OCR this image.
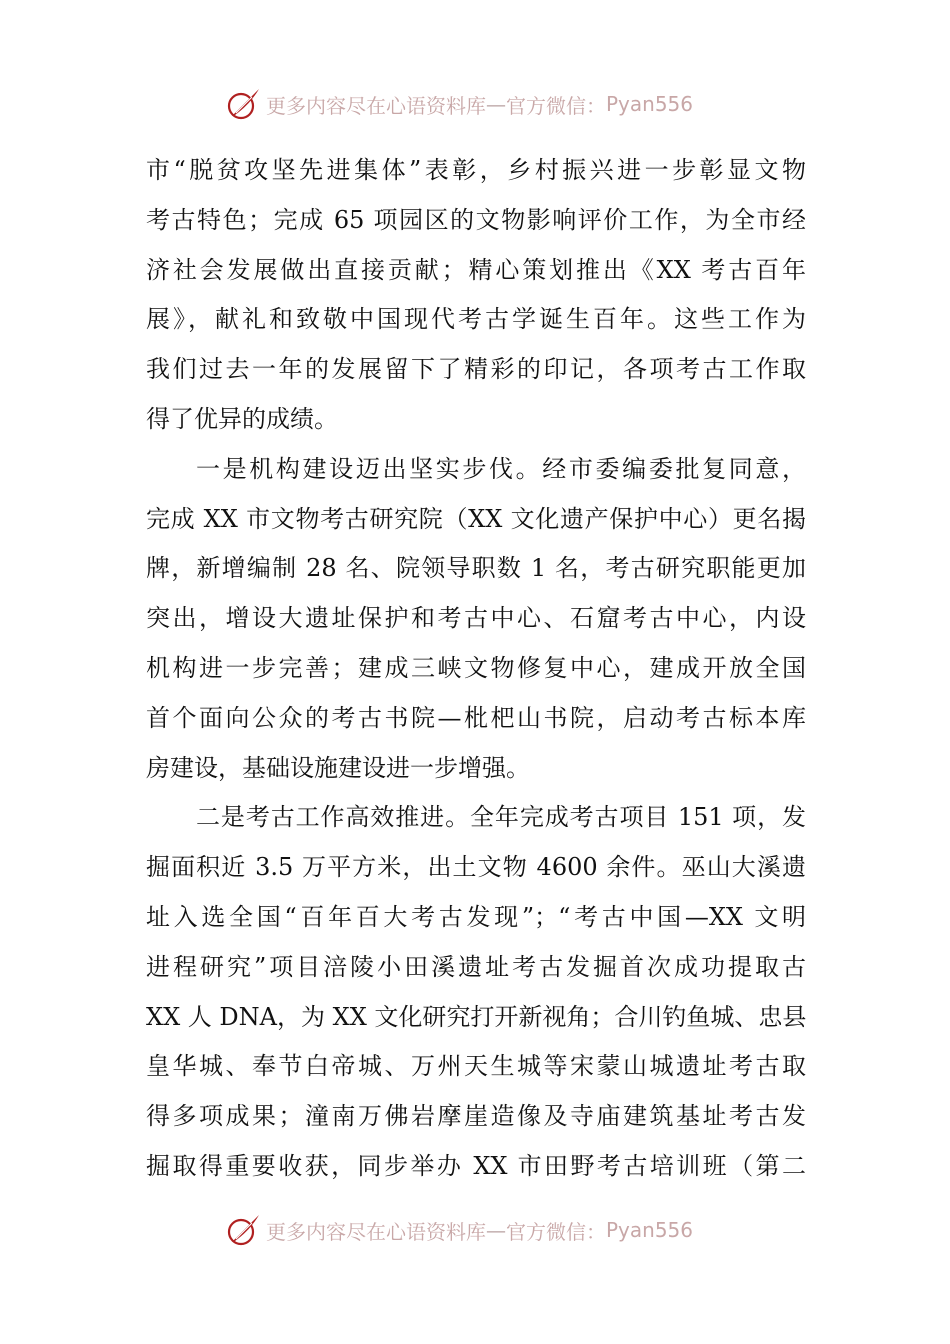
更多内容尽在心语资料库 — 官方微信： Pyan556
市“脱贫攻坚先进集体”表彰，乡村振兴进一步彰显文物
考古特色；完成 65 项园区的文物影响评价工作，为全市经
济社会发展做出直接贡献；精心策划推出《XX 考古百年
展》，献礼和致敬中国现代考古学诞生百年。这些工作为
我们过去一年的发展留下了精彩的印记，各项考古工作取
得了优异的成绩。
一是机构建设迈出坚实步伐。经市委编委批复同意，
完成 XX 市文物考古研究院（XX 文化遗产保护中心）更名揭
牌，新增编制 28 名、院领导职数 1 名，考古研究职能更加
突出，增设大遗址保护和考古中心、石窟考古中心，内设
机构进一步完善；建成三峡文物修复中心，建成开放全国
首个面向公众的考古书院—枇杷山书院，启动考古标本库
房建设，基础设施建设进一步增强。
二是考古工作高效推进。全年完成考古项目 151 项，发
掘面积近 3.5 万平方米，出土文物 4600 余件。巫山大溪遗
址入选全国“百年百大考古发现”；“考古中国—XX 文明
进程研究”项目涪陵小田溪遗址考古发掘首次成功提取古
XX 人 DNA，为 XX 文化研究打开新视角；合川钓鱼城、忠县
皇华城、奉节白帝城、万州天生城等宋蒙山城遗址考古取
得多项成果；潼南万佛岩摩崖造像及寺庙建筑基址考古发
掘取得重要收获，同步举办 XX 市田野考古培训班（第二
更多内容尽在心语资料库 — 官方微信： Pyan556
